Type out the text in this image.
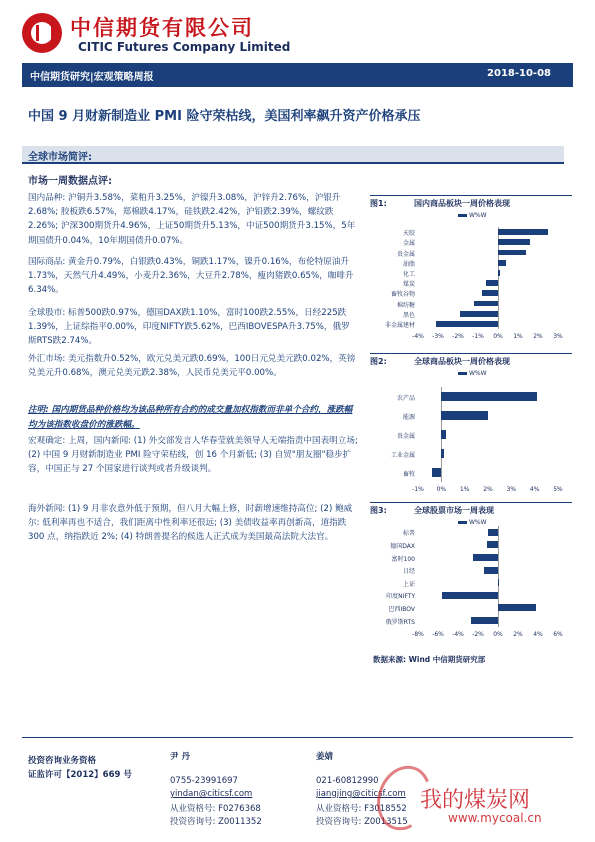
中信期货有限公司
CITIC Futures Company Limited
中信期货研究|宏观策略周报	2018-10-08
中国 9 月财新制造业 PMI 险守荣枯线，美国利率飙升资产价格承压
全球市场简评:
市场一周数据点评:
国内品种: 沪铜升3.58%，菜粕升3.25%，沪镍升3.08%，沪锌升2.76%，沪银升2.68%; 胶板跌6.57%，郑棉跌4.17%，硅铁跌2.42%，沪铅跌2.39%，螺纹跌2.26%; 沪深300期货升4.96%，上证50期货升5.13%，中证500期货升3.15%，5年期国债升0.04%，10年期国债升0.07%。
国际商品: 黄金升0.79%，白银跌0.43%，铜跌1.17%，镍升0.16%，布伦特原油升1.73%，天然气升4.49%，小麦升2.36%，大豆升2.78%，瘦肉猪跌0.65%，咖啡升6.34%。
全球股市: 标普500跌0.97%，德国DAX跌1.10%，富时100跌2.55%，日经225跌1.39%，上证综指平0.00%，印度NIFTY跌5.62%，巴西IBOVESPA升3.75%，俄罗斯RTS跌2.74%。
外汇市场: 美元指数升0.52%，欧元兑美元跌0.69%，100日元兑美元跌0.02%，英镑兑美元升0.68%，澳元兑美元跌2.38%，人民币兑美元平0.00%。
注明: 国内期货品种价格均为该品种所有合约的成交量加权指数而非单个合约，涨跌幅均为该指数收盘价的涨跌幅。
宏观确定: 上周，国内新闻: (1) 外交部发言人华春莹就美领导人无端指责中国表明立场; (2) 中国 9 月财新制造业 PMI 险守荣枯线，创 16 个月新低; (3) 自贸"朋友圈"稳步扩容，中国正与 27 个国家进行谈判或者升级谈判。
海外新闻: (1) 9 月非农意外低于预期，但八月大幅上修，时薪增速维持高位; (2) 鲍威尔: 低利率再也不适合，我们距离中性利率还很远; (3) 美债收益率再创新高，道指跌 300 点，纳指跌近 2%; (4) 特朗普提名的候选人正式成为美国最高法院大法官。
图1:	国内商品板块一周价格表现
W%W
天胶
金属
贵金属
油脂
化工
煤炭
畜牧谷物
棉纺糖
黑色
非金属建材
-4% -3% -2% -1% 0% 1% 2% 3%
图2:	全球商品板块一周价格表现
W%W
农产品
能源
贵金属
工业金属
畜牧
-1% 0% 1% 2% 3% 4% 5%
图3:	全球股票市场一周表现
W%W
标普
德国DAX
富时100
日经
上证
印度NIFTY
巴西IBOV
俄罗斯RTS
-8% -6% -4% -2% 0% 2% 4% 6%
数据来源: Wind 中信期货研究部
投资咨询业务资格
证监许可【2012】669 号
尹 丹
0755-23991697
yindan@citicsf.com
从业资格号: F0276368
投资咨询号: Z0011352
姜婧
021-60812990
jiangjing@citicsf.com
从业资格号: F3018552
投资咨询号: Z0013515
我的煤炭网
www.mycoal.cn
